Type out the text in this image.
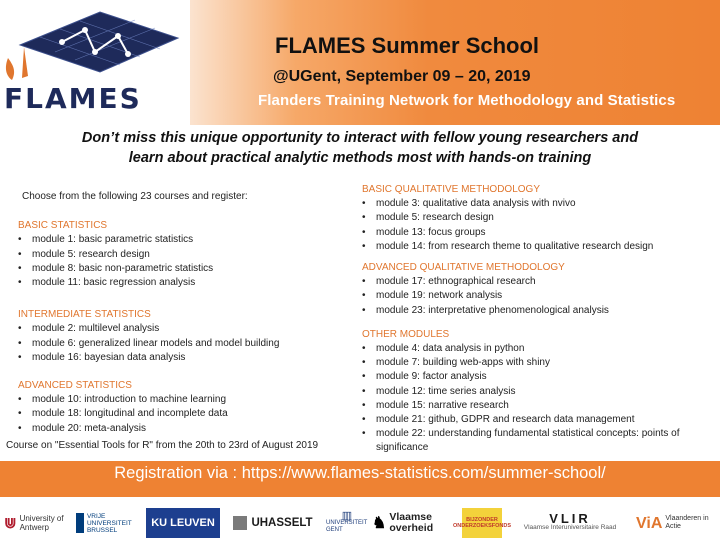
FLAMES
FLAMES Summer School
@UGent, September 09 – 20, 2019
Flanders Training Network for Methodology and Statistics
Don’t miss this unique opportunity to interact with fellow young researchers and
learn about practical analytic methods most with hands-on training
Choose from the following 23 courses and register:
BASIC STATISTICS
• module 1: basic parametric statistics
• module 5: research design
• module 8: basic non-parametric statistics
• module 11: basic regression analysis
INTERMEDIATE STATISTICS
• module 2: multilevel analysis
• module 6: generalized linear models and model building
• module 16: bayesian data analysis
ADVANCED STATISTICS
• module 10: introduction to machine learning
• module 18: longitudinal and incomplete data
• module 20: meta-analysis
Course on "Essential Tools for R" from the 20th to 23rd of August 2019
BASIC QUALITATIVE METHODOLOGY
• module 3: qualitative data analysis with nvivo
• module 5: research design
• module 13: focus groups
• module 14: from research theme to qualitative research design
ADVANCED QUALITATIVE METHODOLOGY
• module 17: ethnographical research
• module 19: network analysis
• module 23: interpretative phenomenological analysis
OTHER MODULES
• module 4: data analysis in python
• module 7: building web-apps with shiny
• module 9: factor analysis
• module 12: time series analysis
• module 15: narrative research
• module 21: github, GDPR and research data management
• module 22: understanding fundamental statistical concepts: points of significance
Registration via : https://www.flames-statistics.com/summer-school/
⋓ University of Antwerp
VRIJE UNIVERSITEIT BRUSSEL
KU LEUVEN	UHASSELT
▥
UNIVERSITEIT GENT	♞ Vlaamse overheid
BIJZONDER ONDERZOEKSFONDS	VLIR
Vlaamse Interuniversitaire Raad ViA Vlaanderen in Actie
